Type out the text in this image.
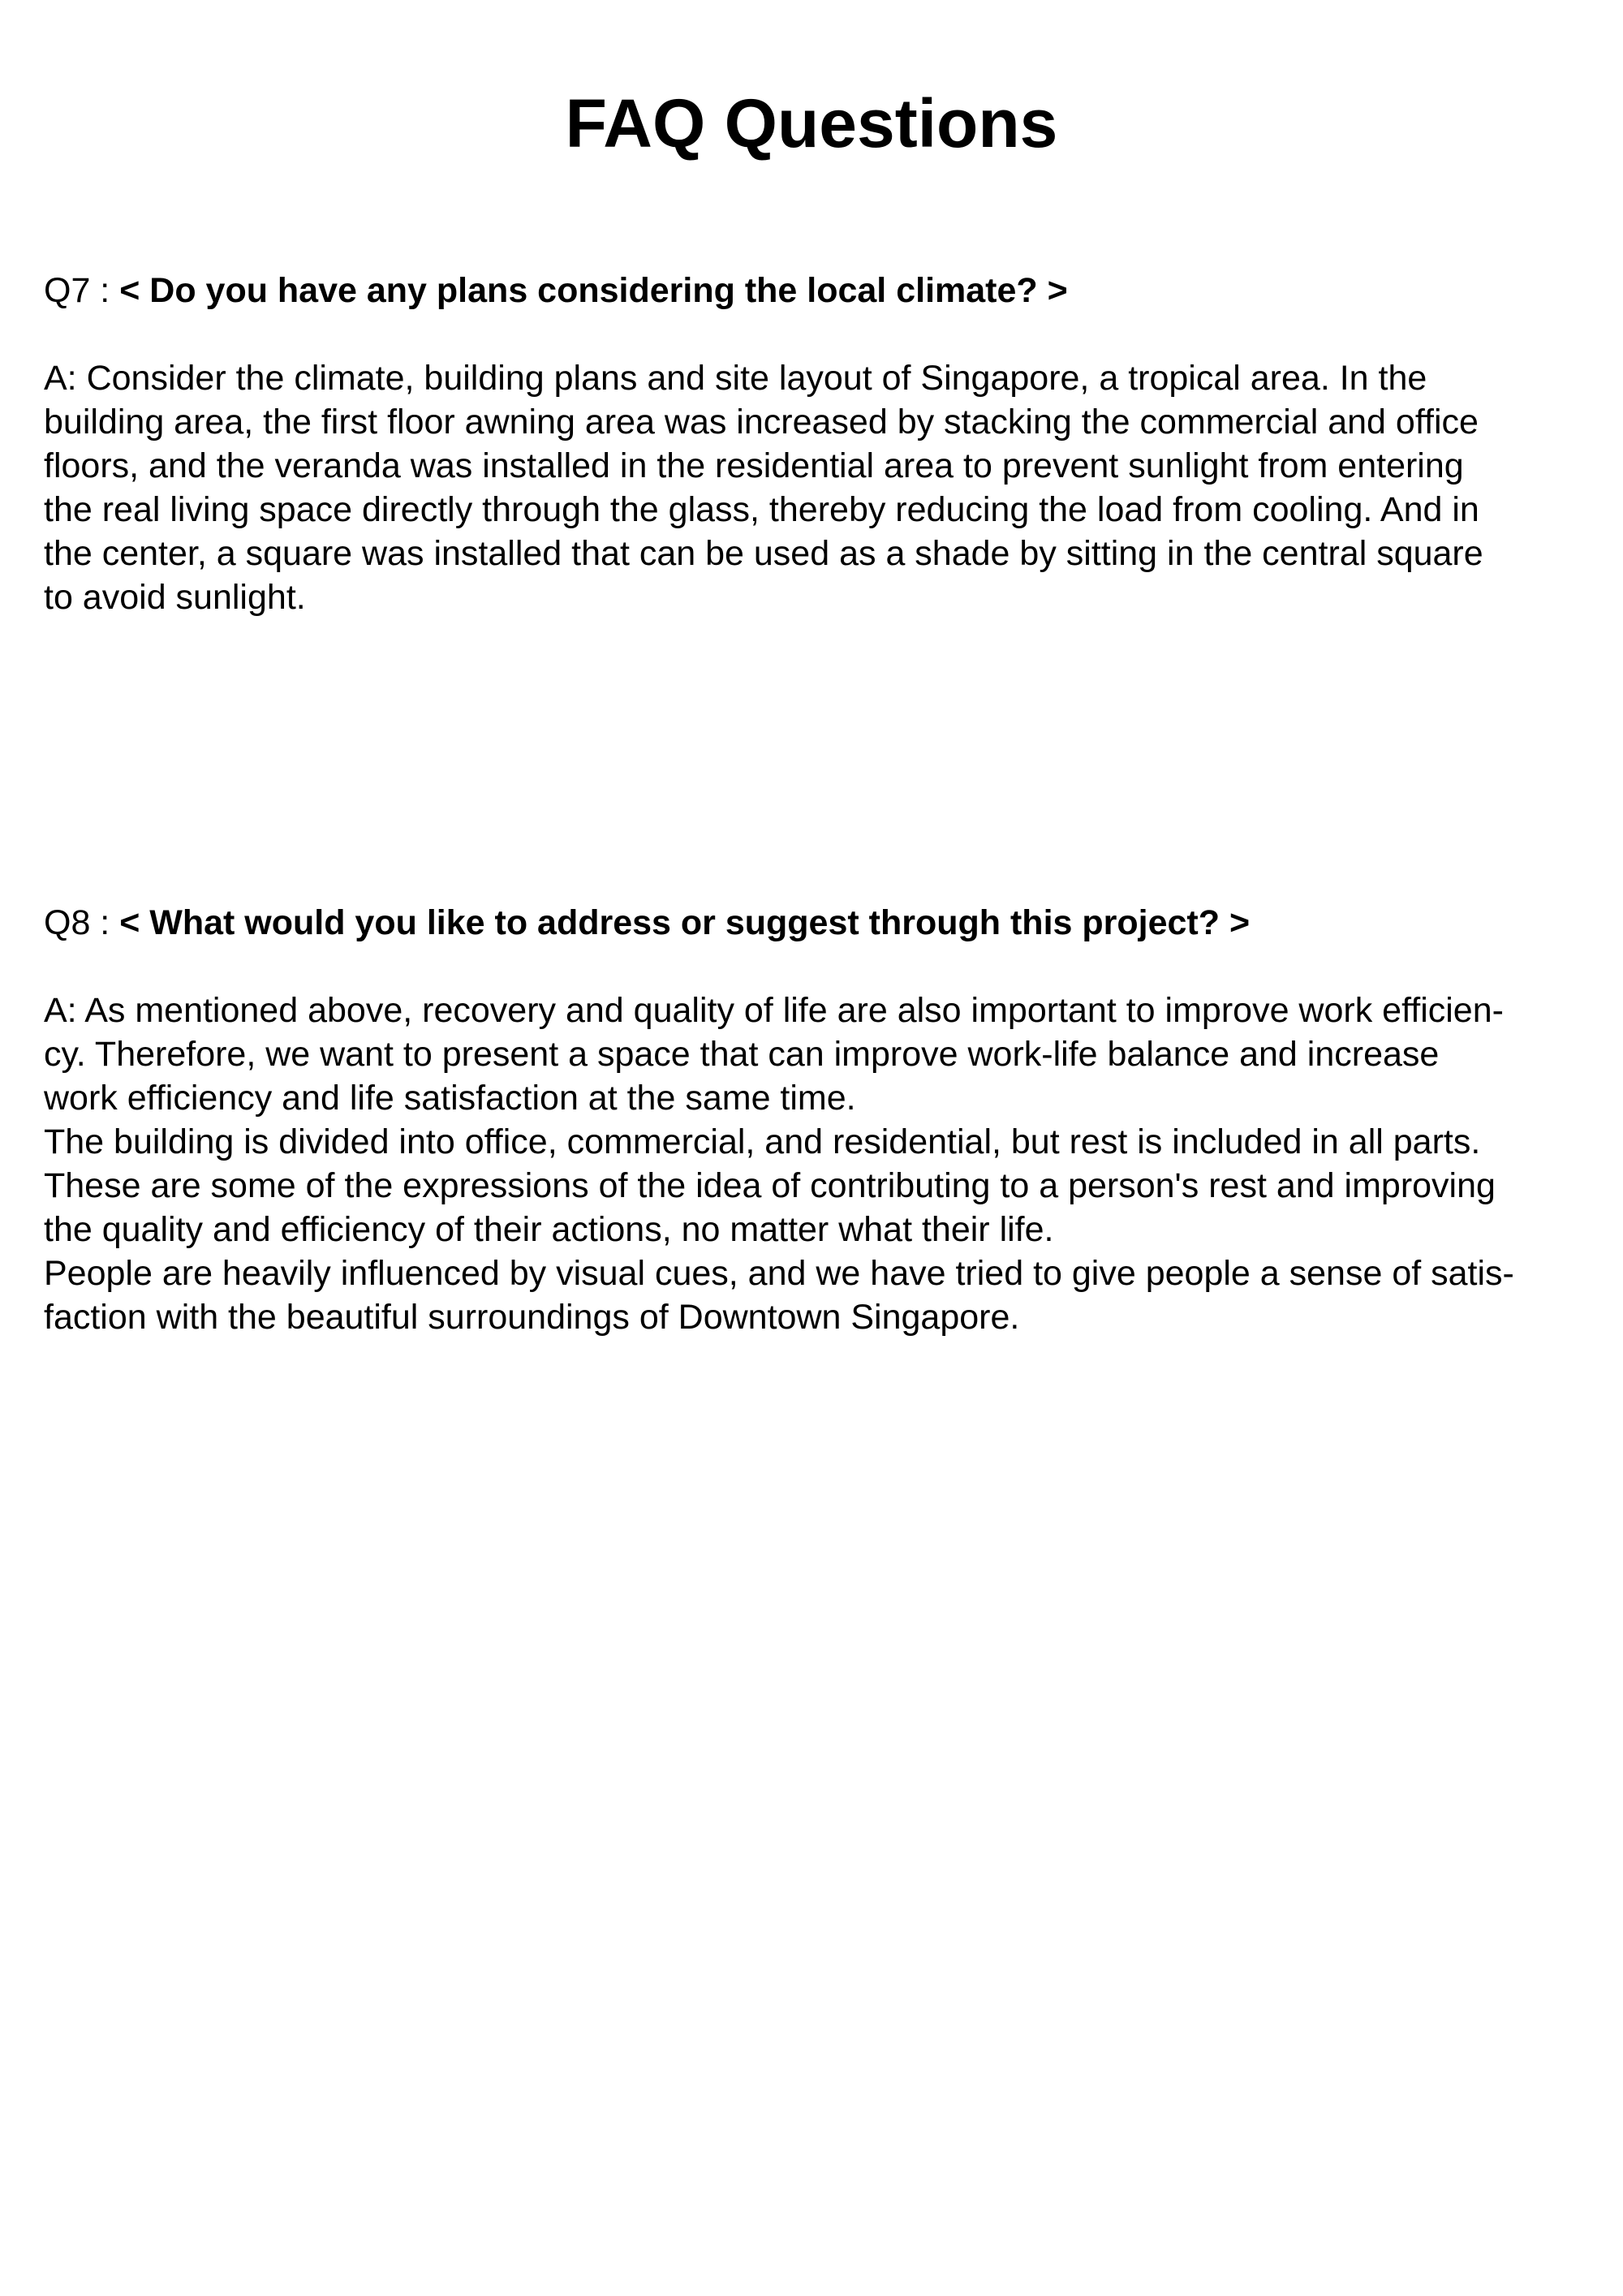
FAQ Questions

Q7 : < Do you have any plans considering the local climate? >

A: Consider the climate, building plans and site layout of Singapore, a tropical area. In the
building area, the first floor awning area was increased by stacking the commercial and office
floors, and the veranda was installed in the residential area to prevent sunlight from entering
the real living space directly through the glass, thereby reducing the load from cooling. And in
the center, a square was installed that can be used as a shade by sitting in the central square
to avoid sunlight.

Q8 : < What would you like to address or suggest through this project? >

A: As mentioned above, recovery and quality of life are also important to improve work efficien-
cy. Therefore, we want to present a space that can improve work-life balance and increase
work efficiency and life satisfaction at the same time.
The building is divided into office, commercial, and residential, but rest is included in all parts.
These are some of the expressions of the idea of contributing to a person's rest and improving
the quality and efficiency of their actions, no matter what their life.
People are heavily influenced by visual cues, and we have tried to give people a sense of satis-
faction with the beautiful surroundings of Downtown Singapore.
